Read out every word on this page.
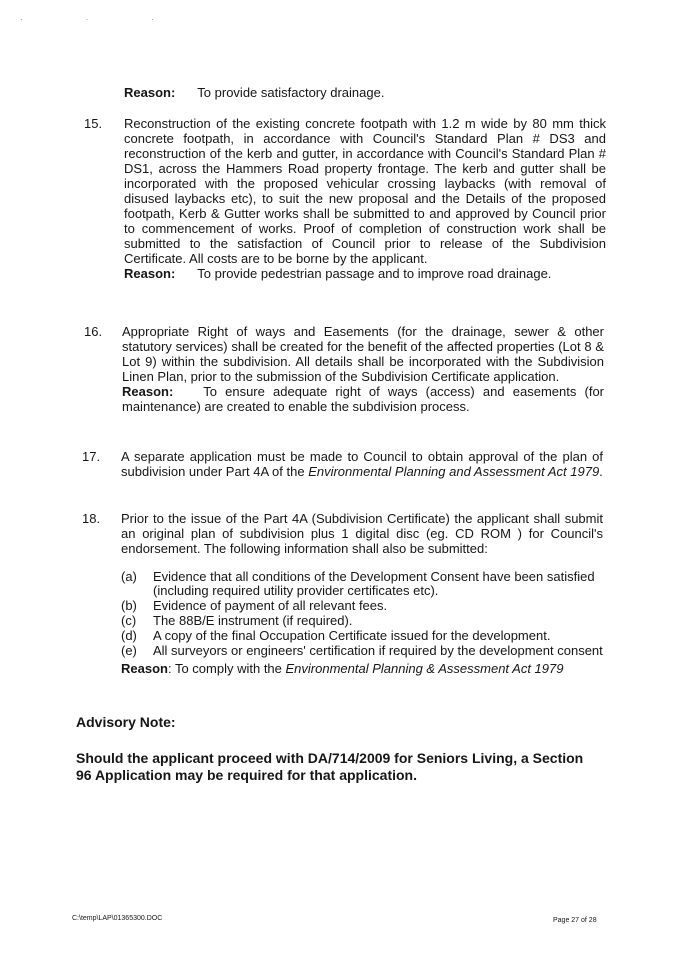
· · ·
Reason: To provide satisfactory drainage.
15.	Reconstruction of the existing concrete footpath with 1.2 m wide by 80 mm thick concrete footpath, in accordance with Council's Standard Plan # DS3 and reconstruction of the kerb and gutter, in accordance with Council's Standard Plan # DS1, across the Hammers Road property frontage. The kerb and gutter shall be incorporated with the proposed vehicular crossing laybacks (with removal of disused laybacks etc), to suit the new proposal and the Details of the proposed footpath, Kerb & Gutter works shall be submitted to and approved by Council prior to commencement of works. Proof of completion of construction work shall be submitted to the satisfaction of Council prior to release of the Subdivision Certificate. All costs are to be borne by the applicant.

Reason: To provide pedestrian passage and to improve road drainage.
16.	Appropriate Right of ways and Easements (for the drainage, sewer & other statutory services) shall be created for the benefit of the affected properties (Lot 8 & Lot 9) within the subdivision. All details shall be incorporated with the Subdivision Linen Plan, prior to the submission of the Subdivision Certificate application.

Reason: To ensure adequate right of ways (access) and easements (for maintenance) are created to enable the subdivision process.
17.	A separate application must be made to Council to obtain approval of the plan of subdivision under Part 4A of the Environmental Planning and Assessment Act 1979.

18.	Prior to the issue of the Part 4A (Subdivision Certificate) the applicant shall submit an original plan of subdivision plus 1 digital disc (eg. CD ROM ) for Council's endorsement. The following information shall also be submitted:

(a)	Evidence that all conditions of the Development Consent have been satisfied (including required utility provider certificates etc).
(b)	Evidence of payment of all relevant fees.
(c)	The 88B/E instrument (if required).
(d)	A copy of the final Occupation Certificate issued for the development.
(e)	All surveyors or engineers' certification if required by the development consent
Reason: To comply with the Environmental Planning & Assessment Act 1979
Advisory Note:
Should the applicant proceed with DA/714/2009 for Seniors Living, a Section 96 Application may be required for that application.
C:\temp\LAP\01365300.DOC	Page 27 of 28
